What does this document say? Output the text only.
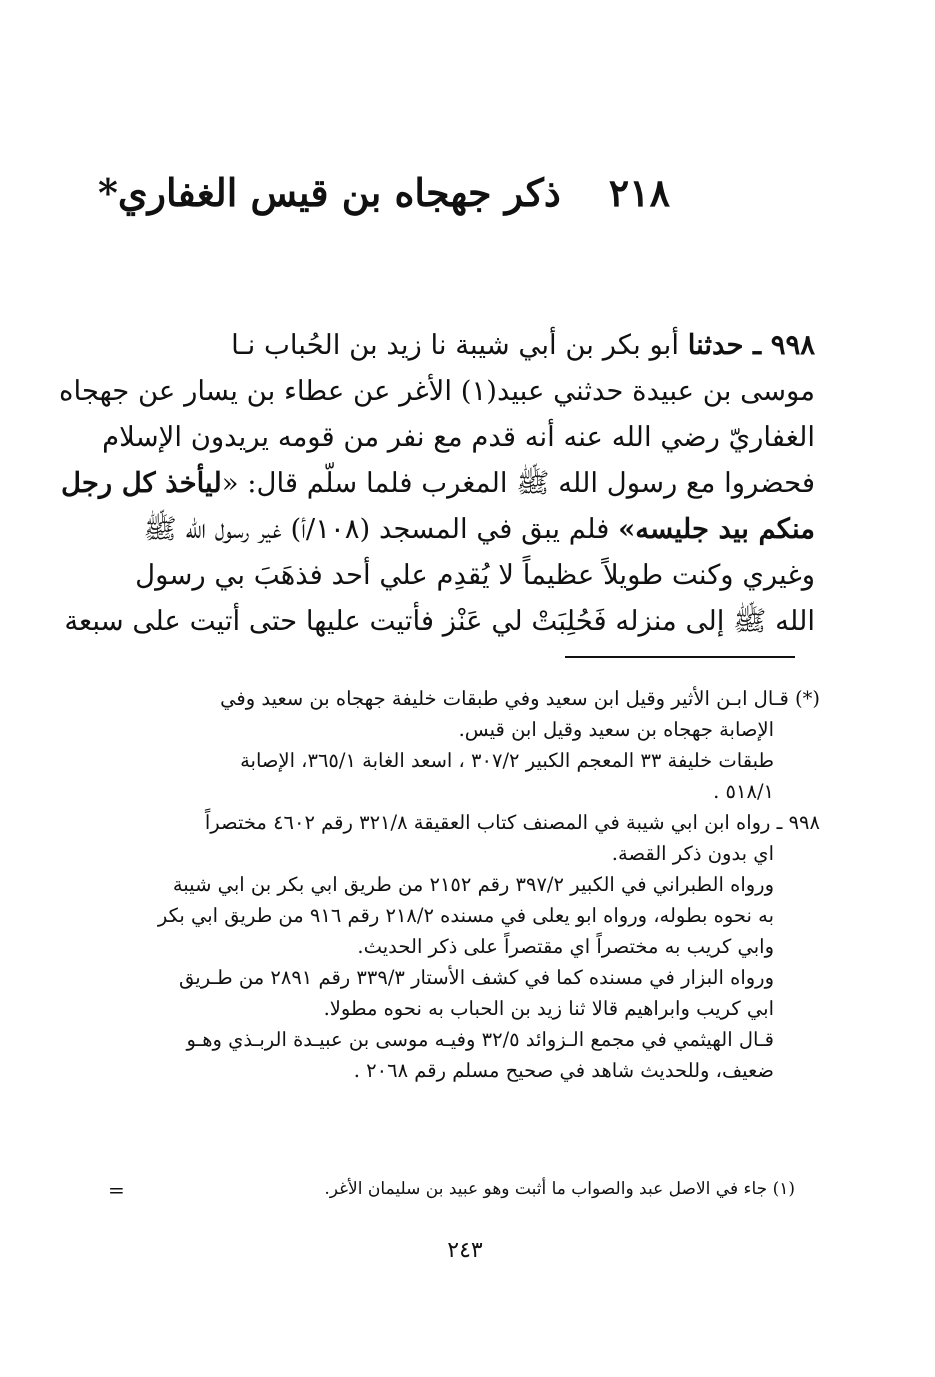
٢١٨ذكر جهجاه بن قيس الغفاري*
٩٩٨ ـ حدثنا أبو بكر بن أبي شيبة نا زيد بن الحُباب نـا
موسى بن عبيدة حدثني عبيد(١) الأغر عن عطاء بن يسار عن جهجاه
الغفاريّ رضي الله عنه أنه قدم مع نفر من قومه يريدون الإسلام
فحضروا مع رسول الله ﷺ المغرب فلما سلّم قال: «ليأخذ كل رجل
منكم بيد جليسه» فلم يبق في المسجد (١٠٨/أ) غير رسول الله ﷺ
وغيري وكنت طويلاً عظيماً لا يُقدِم علي أحد فذهَبَ بي رسول
الله ﷺ إلى منزله فَحُلِبَتْ لي عَنْز فأتيت عليها حتى أتيت على سبعة
(*) قـال ابـن الأثير وقيل ابن سعيد وفي طبقات خليفة جهجاه بن سعيد وفي
الإصابة جهجاه بن سعيد وقيل ابن قيس.
طبقات خليفة ٣٣ المعجم الكبير ٣٠٧/٢ ، اسعد الغابة ٣٦٥/١، الإصابة
٥١٨/١ .
٩٩٨ ـ رواه ابن ابي شيبة في المصنف كتاب العقيقة ٣٢١/٨ رقم ٤٦٠٢ مختصراً
اي بدون ذكر القصة.
ورواه الطبراني في الكبير ٣٩٧/٢ رقم ٢١٥٢ من طريق ابي بكر بن ابي شيبة
به نحوه بطوله، ورواه ابو يعلى في مسنده ٢١٨/٢ رقم ٩١٦ من طريق ابي بكر
وابي كريب به مختصراً اي مقتصراً على ذكر الحديث.
ورواه البزار في مسنده كما في كشف الأستار ٣٣٩/٣ رقم ٢٨٩١ من طـريق
ابي كريب وابراهيم قالا ثنا زيد بن الحباب به نحوه مطولا.
قـال الهيثمي في مجمع الـزوائد ٣٢/٥ وفيـه موسى بن عبيـدة الربـذي وهـو
ضعيف، وللحديث شاهد في صحيح مسلم رقم ٢٠٦٨ .
(١) جاء في الاصل عبد والصواب ما أثبت وهو عبيد بن سليمان الأغر.
=
٢٤٣
